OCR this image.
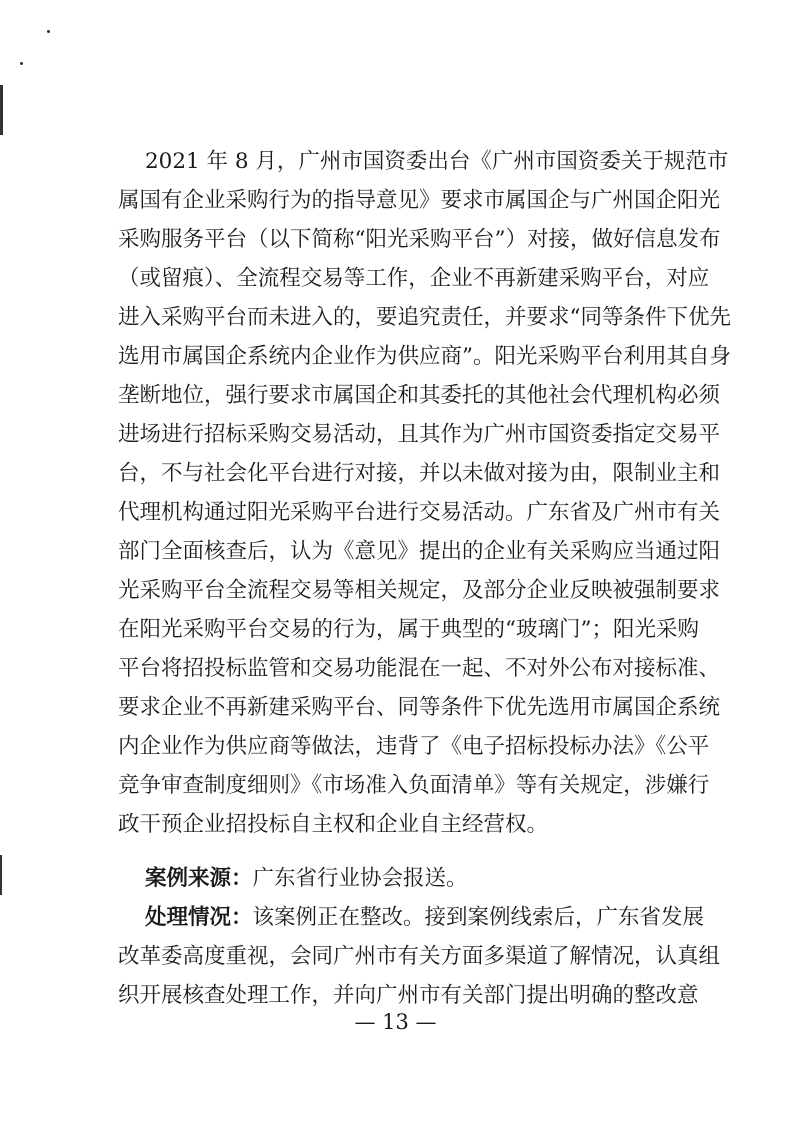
2021 年 8 月，广州市国资委出台《广州市国资委关于规范市

属国有企业采购行为的指导意见》要求市属国企与广州国企阳光

采购服务平台（以下简称“阳光采购平台”）对接，做好信息发布

（或留痕）、全流程交易等工作，企业不再新建采购平台，对应

进入采购平台而未进入的，要追究责任，并要求“同等条件下优先

选用市属国企系统内企业作为供应商”。阳光采购平台利用其自身

垄断地位，强行要求市属国企和其委托的其他社会代理机构必须

进场进行招标采购交易活动，且其作为广州市国资委指定交易平

台，不与社会化平台进行对接，并以未做对接为由，限制业主和

代理机构通过阳光采购平台进行交易活动。广东省及广州市有关

部门全面核查后，认为《意见》提出的企业有关采购应当通过阳

光采购平台全流程交易等相关规定，及部分企业反映被强制要求

在阳光采购平台交易的行为，属于典型的“玻璃门”；阳光采购

平台将招投标监管和交易功能混在一起、不对外公布对接标准、

要求企业不再新建采购平台、同等条件下优先选用市属国企系统

内企业作为供应商等做法，违背了《电子招标投标办法》《公平

竞争审查制度细则》《市场准入负面清单》等有关规定，涉嫌行

政干预企业招投标自主权和企业自主经营权。

案例来源：广东省行业协会报送。

处理情况：该案例正在整改。接到案例线索后，广东省发展

改革委高度重视，会同广州市有关方面多渠道了解情况，认真组

织开展核查处理工作，并向广州市有关部门提出明确的整改意

— 13 —
